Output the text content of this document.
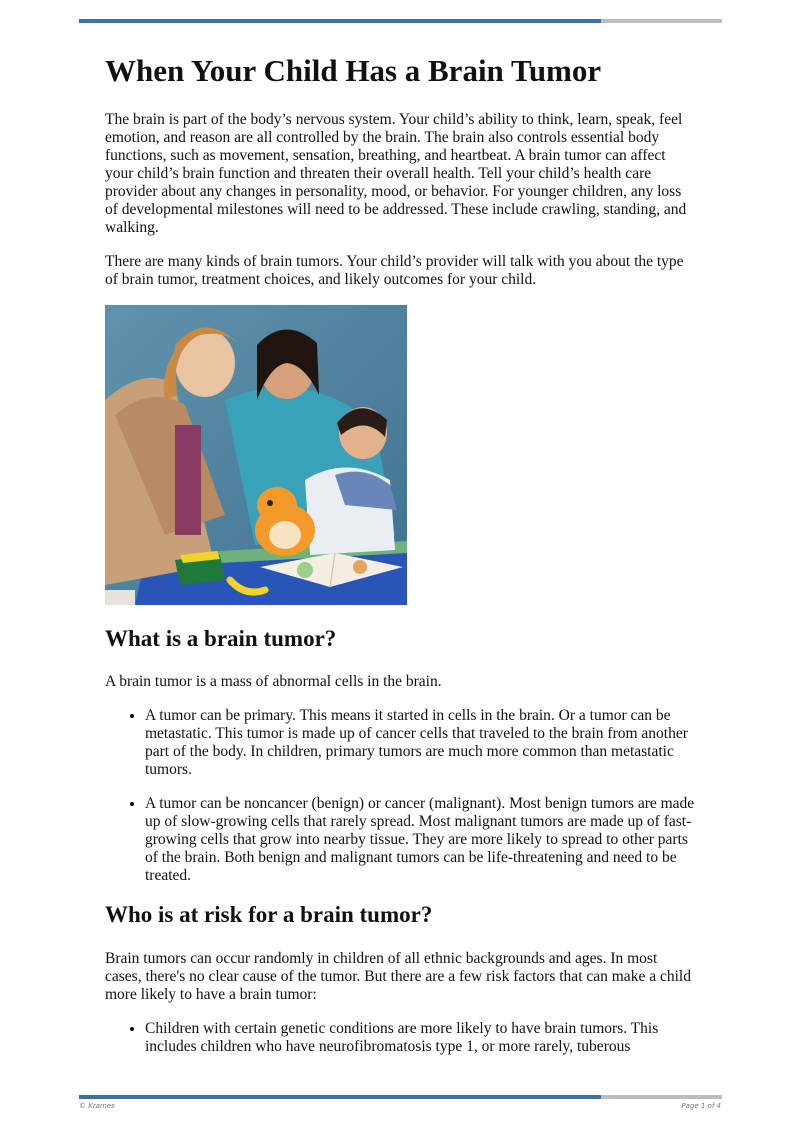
When Your Child Has a Brain Tumor

The brain is part of the body’s nervous system. Your child’s ability to think, learn, speak, feel emotion, and reason are all controlled by the brain. The brain also controls essential body functions, such as movement, sensation, breathing, and heartbeat. A brain tumor can affect your child’s brain function and threaten their overall health. Tell your child’s health care provider about any changes in personality, mood, or behavior. For younger children, any loss of developmental milestones will need to be addressed. These include crawling, standing, and walking.

There are many kinds of brain tumors. Your child’s provider will talk with you about the type of brain tumor, treatment choices, and likely outcomes for your child.

What is a brain tumor?

A brain tumor is a mass of abnormal cells in the brain.

• A tumor can be primary. This means it started in cells in the brain. Or a tumor can be metastatic. This tumor is made up of cancer cells that traveled to the brain from another part of the body. In children, primary tumors are much more common than metastatic tumors.
• A tumor can be noncancer (benign) or cancer (malignant). Most benign tumors are made up of slow-growing cells that rarely spread. Most malignant tumors are made up of fast-growing cells that grow into nearby tissue. They are more likely to spread to other parts of the brain. Both benign and malignant tumors can be life-threatening and need to be treated.
Who is at risk for a brain tumor?

Brain tumors can occur randomly in children of all ethnic backgrounds and ages. In most cases, there's no clear cause of the tumor. But there are a few risk factors that can make a child more likely to have a brain tumor:

• Children with certain genetic conditions are more likely to have brain tumors. This includes children who have neurofibromatosis type 1, or more rarely, tuberous
© Krames	Page 1 of 4
